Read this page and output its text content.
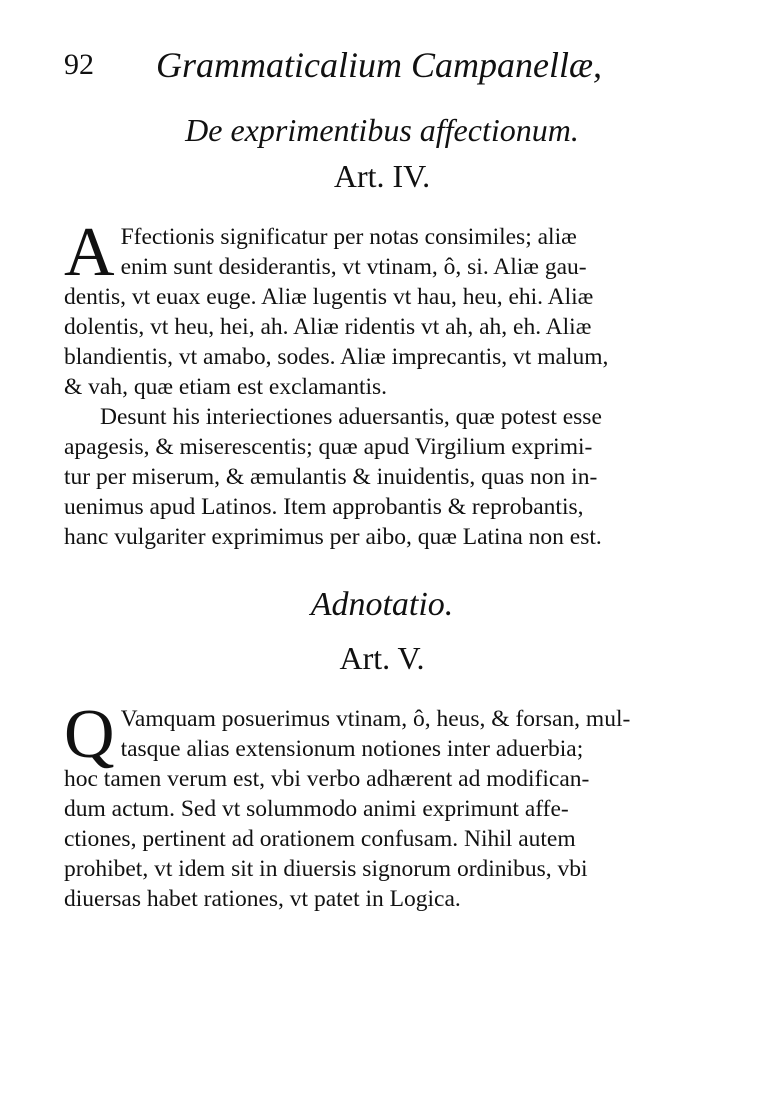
92 Grammaticalium Campanellæ,
De exprimentibus affectionum.
Art. IV.
A Ffectionis significatur per notas consimiles; aliæ
enim sunt desiderantis, vt vtinam, ô, si. Aliæ gau-
dentis, vt euax euge. Aliæ lugentis vt hau, heu, ehi. Aliæ
dolentis, vt heu, hei, ah. Aliæ ridentis vt ah, ah, eh. Aliæ
blandientis, vt amabo, sodes. Aliæ imprecantis, vt malum,
& vah, quæ etiam est exclamantis.
Desunt his interiectiones aduersantis, quæ potest esse
apagesis, & miserescentis; quæ apud Virgilium exprimi-
tur per miserum, & æmulantis & inuidentis, quas non in-
uenimus apud Latinos. Item approbantis & reprobantis,
hanc vulgariter exprimimus per aibo, quæ Latina non est.
Adnotatio.
Art. V.
Q Vamquam posuerimus vtinam, ô, heus, & forsan, mul-
tasque alias extensionum notiones inter aduerbia;
hoc tamen verum est, vbi verbo adhærent ad modifican-
dum actum. Sed vt solummodo animi exprimunt affe-
ctiones, pertinent ad orationem confusam. Nihil autem
prohibet, vt idem sit in diuersis signorum ordinibus, vbi
diuersas habet rationes, vt patet in Logica.
